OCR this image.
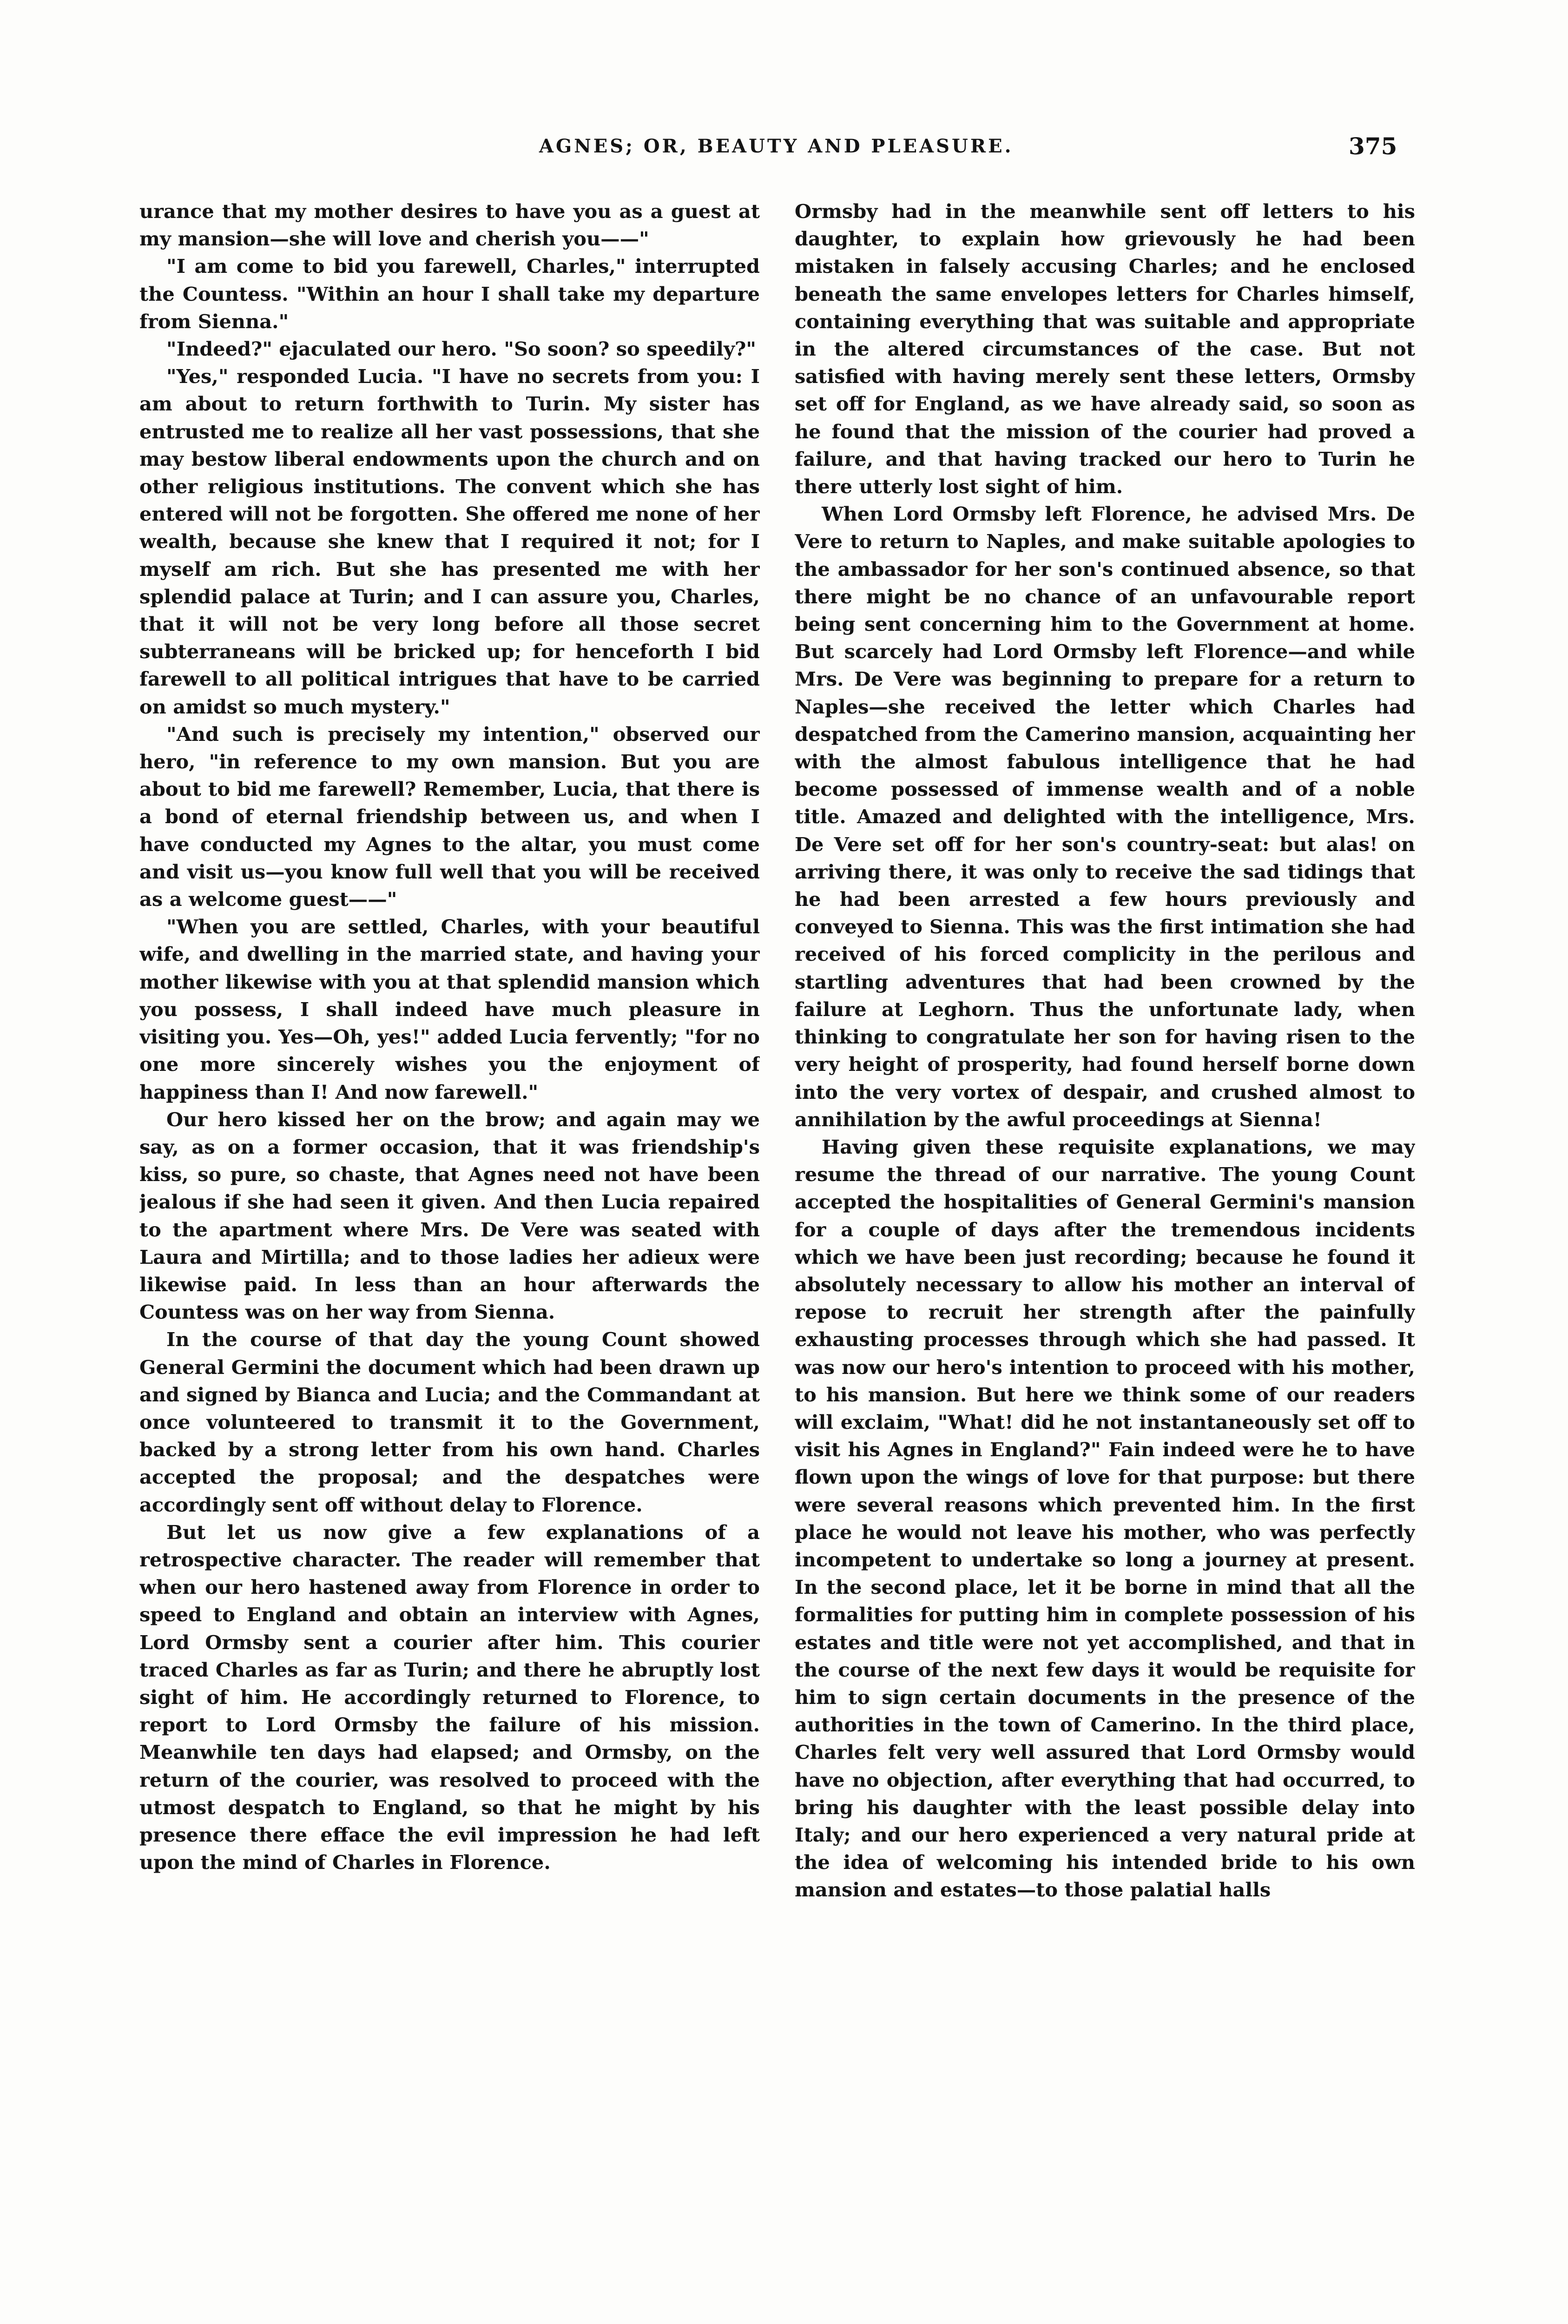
AGNES; OR, BEAUTY AND PLEASURE.	375

urance that my mother desires to have you as a guest at my mansion—she will love and cherish you——"

"I am come to bid you farewell, Charles," interrupted the Countess. "Within an hour I shall take my departure from Sienna."

"Indeed?" ejaculated our hero. "So soon? so speedily?"

"Yes," responded Lucia. "I have no secrets from you: I am about to return forthwith to Turin. My sister has entrusted me to realize all her vast possessions, that she may bestow liberal endowments upon the church and on other religious institutions. The convent which she has entered will not be forgotten. She offered me none of her wealth, because she knew that I required it not; for I myself am rich. But she has presented me with her splendid palace at Turin; and I can assure you, Charles, that it will not be very long before all those secret subterraneans will be bricked up; for henceforth I bid farewell to all political intrigues that have to be carried on amidst so much mystery."

"And such is precisely my intention," observed our hero, "in reference to my own mansion. But you are about to bid me farewell? Remember, Lucia, that there is a bond of eternal friendship between us, and when I have conducted my Agnes to the altar, you must come and visit us—you know full well that you will be received as a welcome guest——"

"When you are settled, Charles, with your beautiful wife, and dwelling in the married state, and having your mother likewise with you at that splendid mansion which you possess, I shall indeed have much pleasure in visiting you. Yes—Oh, yes!" added Lucia fervently; "for no one more sincerely wishes you the enjoyment of happiness than I! And now farewell."

Our hero kissed her on the brow; and again may we say, as on a former occasion, that it was friendship's kiss, so pure, so chaste, that Agnes need not have been jealous if she had seen it given. And then Lucia repaired to the apartment where Mrs. De Vere was seated with Laura and Mirtilla; and to those ladies her adieux were likewise paid. In less than an hour afterwards the Countess was on her way from Sienna.

In the course of that day the young Count showed General Germini the document which had been drawn up and signed by Bianca and Lucia; and the Commandant at once volunteered to transmit it to the Government, backed by a strong letter from his own hand. Charles accepted the proposal; and the despatches were accordingly sent off without delay to Florence.

But let us now give a few explanations of a retrospective character. The reader will remember that when our hero hastened away from Florence in order to speed to England and obtain an interview with Agnes, Lord Ormsby sent a courier after him. This courier traced Charles as far as Turin; and there he abruptly lost sight of him. He accordingly returned to Florence, to report to Lord Ormsby the failure of his mission. Meanwhile ten days had elapsed; and Ormsby, on the return of the courier, was resolved to proceed with the utmost despatch to England, so that he might by his presence there efface the evil impression he had left upon the mind of Charles in Florence.

Ormsby had in the meanwhile sent off letters to his daughter, to explain how grievously he had been mistaken in falsely accusing Charles; and he enclosed beneath the same envelopes letters for Charles himself, containing everything that was suitable and appropriate in the altered circumstances of the case. But not satisfied with having merely sent these letters, Ormsby set off for England, as we have already said, so soon as he found that the mission of the courier had proved a failure, and that having tracked our hero to Turin he there utterly lost sight of him.

When Lord Ormsby left Florence, he advised Mrs. De Vere to return to Naples, and make suitable apologies to the ambassador for her son's continued absence, so that there might be no chance of an unfavourable report being sent concerning him to the Government at home. But scarcely had Lord Ormsby left Florence—and while Mrs. De Vere was beginning to prepare for a return to Naples—she received the letter which Charles had despatched from the Camerino mansion, acquainting her with the almost fabulous intelligence that he had become possessed of immense wealth and of a noble title. Amazed and delighted with the intelligence, Mrs. De Vere set off for her son's country-seat: but alas! on arriving there, it was only to receive the sad tidings that he had been arrested a few hours previously and conveyed to Sienna. This was the first intimation she had received of his forced complicity in the perilous and startling adventures that had been crowned by the failure at Leghorn. Thus the unfortunate lady, when thinking to congratulate her son for having risen to the very height of prosperity, had found herself borne down into the very vortex of despair, and crushed almost to annihilation by the awful proceedings at Sienna!

Having given these requisite explanations, we may resume the thread of our narrative. The young Count accepted the hospitalities of General Germini's mansion for a couple of days after the tremendous incidents which we have been just recording; because he found it absolutely necessary to allow his mother an interval of repose to recruit her strength after the painfully exhausting processes through which she had passed. It was now our hero's intention to proceed with his mother, to his mansion. But here we think some of our readers will exclaim, "What! did he not instantaneously set off to visit his Agnes in England?" Fain indeed were he to have flown upon the wings of love for that purpose: but there were several reasons which prevented him. In the first place he would not leave his mother, who was perfectly incompetent to undertake so long a journey at present. In the second place, let it be borne in mind that all the formalities for putting him in complete possession of his estates and title were not yet accomplished, and that in the course of the next few days it would be requisite for him to sign certain documents in the presence of the authorities in the town of Camerino. In the third place, Charles felt very well assured that Lord Ormsby would have no objection, after everything that had occurred, to bring his daughter with the least possible delay into Italy; and our hero experienced a very natural pride at the idea of welcoming his intended bride to his own mansion and estates—to those palatial halls
